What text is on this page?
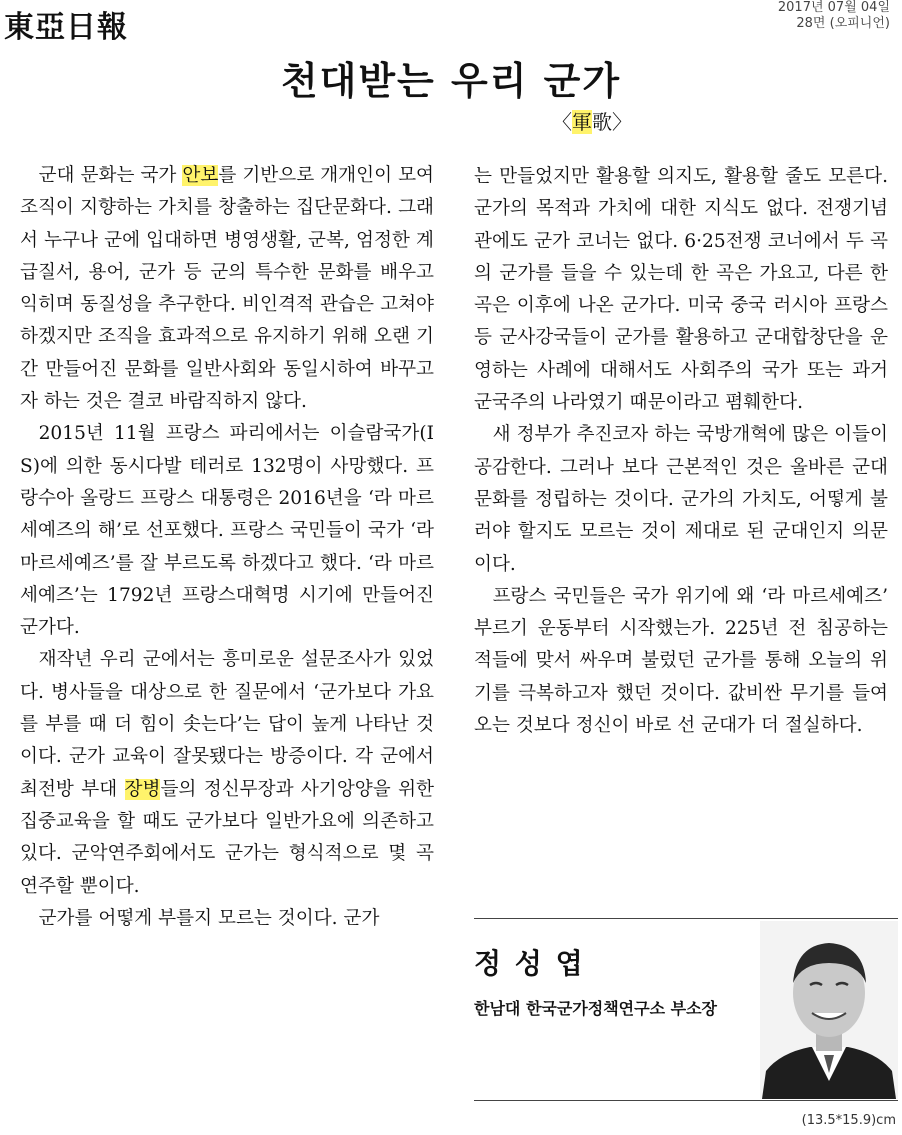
東亞日報
2017년 07월 04일
28면 (오피니언)
천대받는 우리 군가
〈軍歌〉

군대 문화는 국가 안보를 기반으로 개개인이 모여 조직이 지향하는 가치를 창출하는 집단문화다. 그래서 누구나 군에 입대하면 병영생활, 군복, 엄정한 계급질서, 용어, 군가 등 군의 특수한 문화를 배우고 익히며 동질성을 추구한다. 비인격적 관습은 고쳐야 하겠지만 조직을 효과적으로 유지하기 위해 오랜 기간 만들어진 문화를 일반사회와 동일시하여 바꾸고자 하는 것은 결코 바람직하지 않다.

2015년 11월 프랑스 파리에서는 이슬람국가(IS)에 의한 동시다발 테러로 132명이 사망했다. 프랑수아 올랑드 프랑스 대통령은 2016년을 ‘라 마르세예즈의 해’로 선포했다. 프랑스 국민들이 국가 ‘라 마르세예즈’를 잘 부르도록 하겠다고 했다. ‘라 마르세예즈’는 1792년 프랑스대혁명 시기에 만들어진 군가다.

재작년 우리 군에서는 흥미로운 설문조사가 있었다. 병사들을 대상으로 한 질문에서 ‘군가보다 가요를 부를 때 더 힘이 솟는다’는 답이 높게 나타난 것이다. 군가 교육이 잘못됐다는 방증이다. 각 군에서 최전방 부대 장병들의 정신무장과 사기앙양을 위한 집중교육을 할 때도 군가보다 일반가요에 의존하고 있다. 군악연주회에서도 군가는 형식적으로 몇 곡 연주할 뿐이다.

군가를 어떻게 부를지 모르는 것이다. 군가

는 만들었지만 활용할 의지도, 활용할 줄도 모른다. 군가의 목적과 가치에 대한 지식도 없다. 전쟁기념관에도 군가 코너는 없다. 6·25전쟁 코너에서 두 곡의 군가를 들을 수 있는데 한 곡은 가요고, 다른 한 곡은 이후에 나온 군가다. 미국 중국 러시아 프랑스 등 군사강국들이 군가를 활용하고 군대합창단을 운영하는 사례에 대해서도 사회주의 국가 또는 과거 군국주의 나라였기 때문이라고 폄훼한다.

새 정부가 추진코자 하는 국방개혁에 많은 이들이 공감한다. 그러나 보다 근본적인 것은 올바른 군대 문화를 정립하는 것이다. 군가의 가치도, 어떻게 불러야 할지도 모르는 것이 제대로 된 군대인지 의문이다.

프랑스 국민들은 국가 위기에 왜 ‘라 마르세예즈’ 부르기 운동부터 시작했는가. 225년 전 침공하는 적들에 맞서 싸우며 불렀던 군가를 통해 오늘의 위기를 극복하고자 했던 것이다. 값비싼 무기를 들여오는 것보다 정신이 바로 선 군대가 더 절실하다.

정 성 엽
한남대 한국군가정책연구소 부소장
(13.5*15.9)cm
